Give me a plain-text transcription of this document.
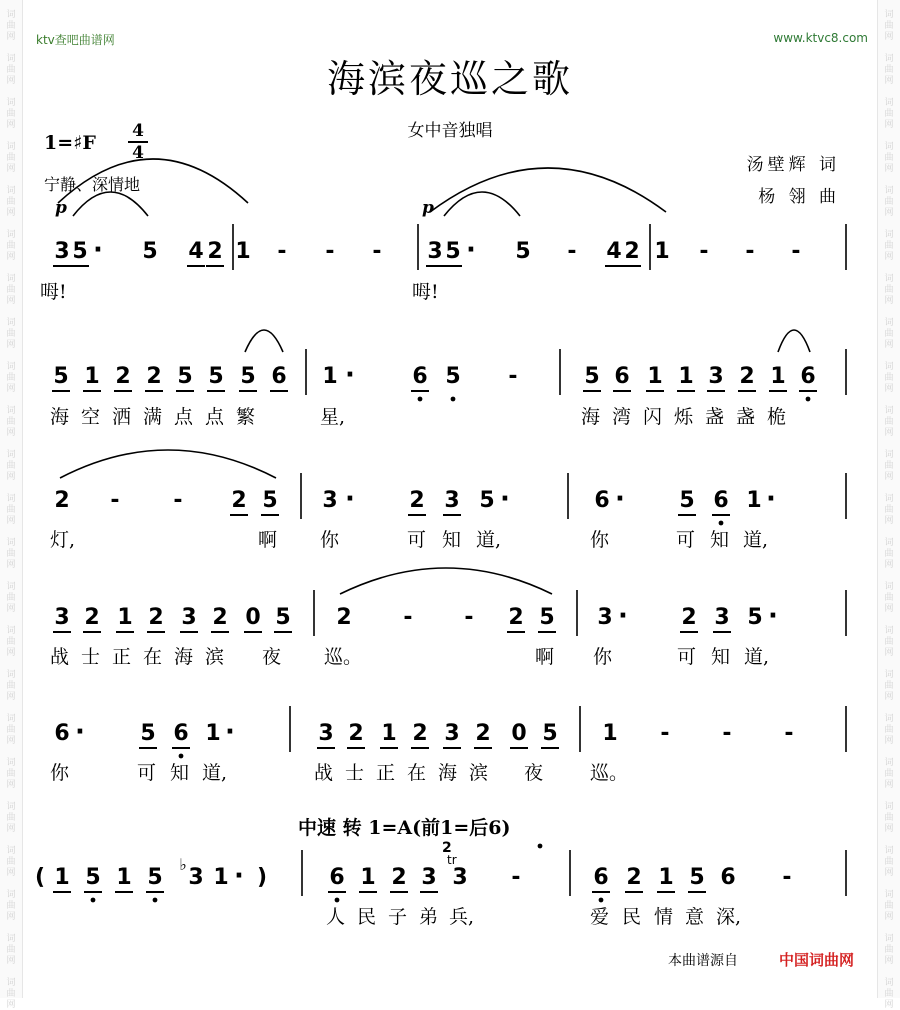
ktv查吧曲谱网	www.ktvc8.com
海滨夜巡之歌
女中音独唱
1=♯F
4
4
宁静、深情地
汤壁辉 词
杨 翎 曲
3 5 · 5 4 2 1 - - - 3 5 · 5 - 4 2 1 - - -
呣!	呣!
p	p
5 1 2 2 5 5 5 6 1 ·	6 5 -	5 6 1 1 3 2 1 6
海 空 洒 满 点 点 繁	星,	海 湾 闪 烁 盏 盏 桅
2 - - 2 5 3 · 2 3 5 ·	6 · 5 6 1 ·
灯,	啊 你	可 知 道,	你	可 知 道,
3 2 1 2 3 2 0 5 2 - - 2 5 3 · 2 3 5 ·
战 士 正 在 海 滨 夜 巡。	啊 你	可 知 道,
6 ·	5 6 1 ·	3 2 1 2 3 2 0 5 1 - - -
你	可 知 道,	战 士 正 在 海 滨 夜 巡。
( 1 5 1 5
♭
3 1 · )	6 1 2 3 3 -	6 2 1 5 6 -
人 民 子 弟 兵,	爱 民 情 意 深,
2
tr
中速 转 1=A(前1=后6)
本曲谱源自	中国词曲网
词
曲
网
词
曲
网
词
曲
网
词
曲
网
词
曲
网
词
曲
网
词
曲
网
词
曲
网
词
曲
网
词
曲
网
词
曲
网
词
曲
网
词
曲
网
词
曲
网
词
曲
网
词
曲
网
词
曲
网
词
曲
网
词
曲
网
词
曲
网
词
曲
网
词
曲
网
词
曲
网
词
曲
网
词
曲
网
词
曲
网
词
曲
网
词
曲
网
词
曲
网
词
曲
网
词
曲
网
词
曲
网
词
曲
网
词
曲
网
词
曲
网
词
曲
网
词
曲
网
词
曲
网
词
曲
网
词
曲
网
词
曲
网
词
曲
网
词
曲
网
词
曲
网
词
曲
网
词
曲
网
